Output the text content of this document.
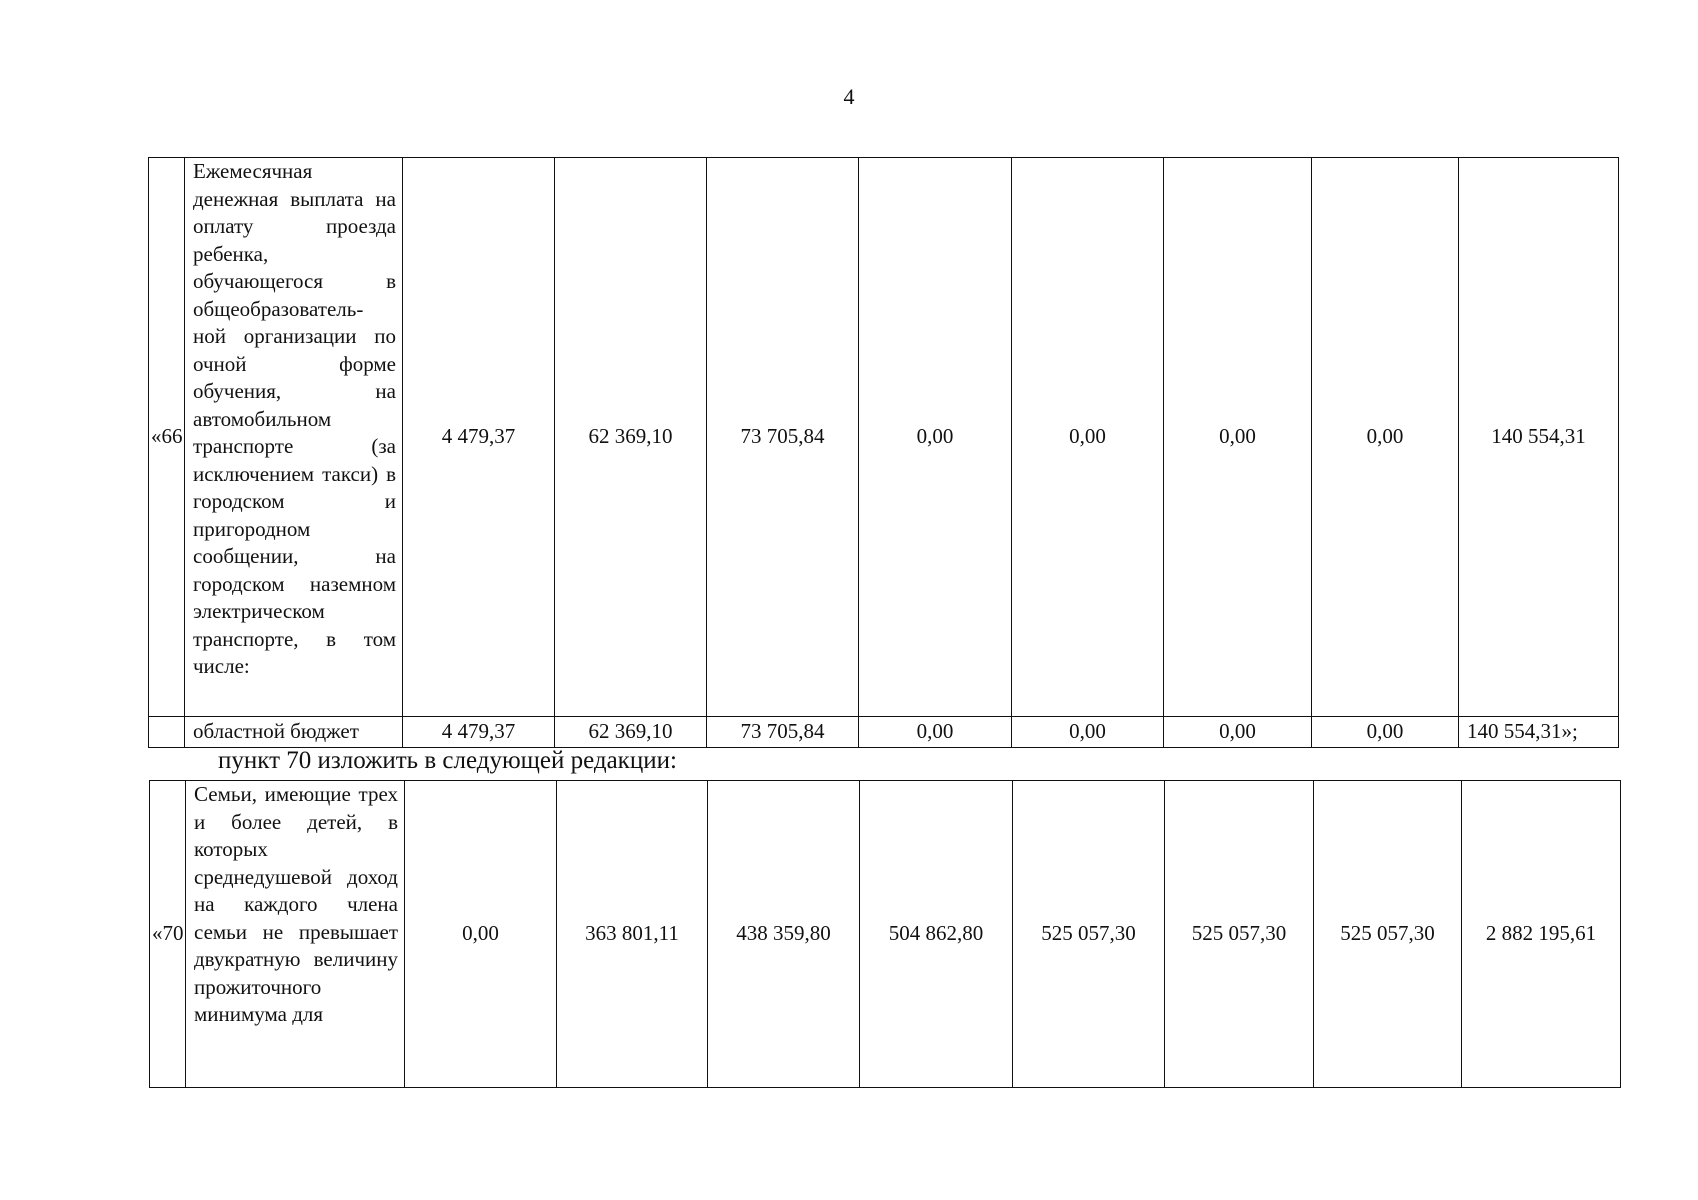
4
«66	Ежемесячная денежная выплата на оплату проезда ребенка, обучающегося в общеобразователь-ной организации по очной форме обучения, на автомобильном транспорте (за исключением такси) в городском и пригородном сообщении, на городском наземном электрическом транспорте, в том числе:	4 479,37	62 369,10	73 705,84	0,00	0,00	0,00	0,00	140 554,31
	областной бюджет	4 479,37	62 369,10	73 705,84	0,00	0,00	0,00	0,00	140 554,31»;
пункт 70 изложить в следующей редакции:
«70	Семьи, имеющие трех и более детей, в которых среднедушевой доход на каждого члена семьи не превышает двукратную величину прожиточного минимума для	0,00	363 801,11	438 359,80	504 862,80	525 057,30	525 057,30	525 057,30	2 882 195,61
